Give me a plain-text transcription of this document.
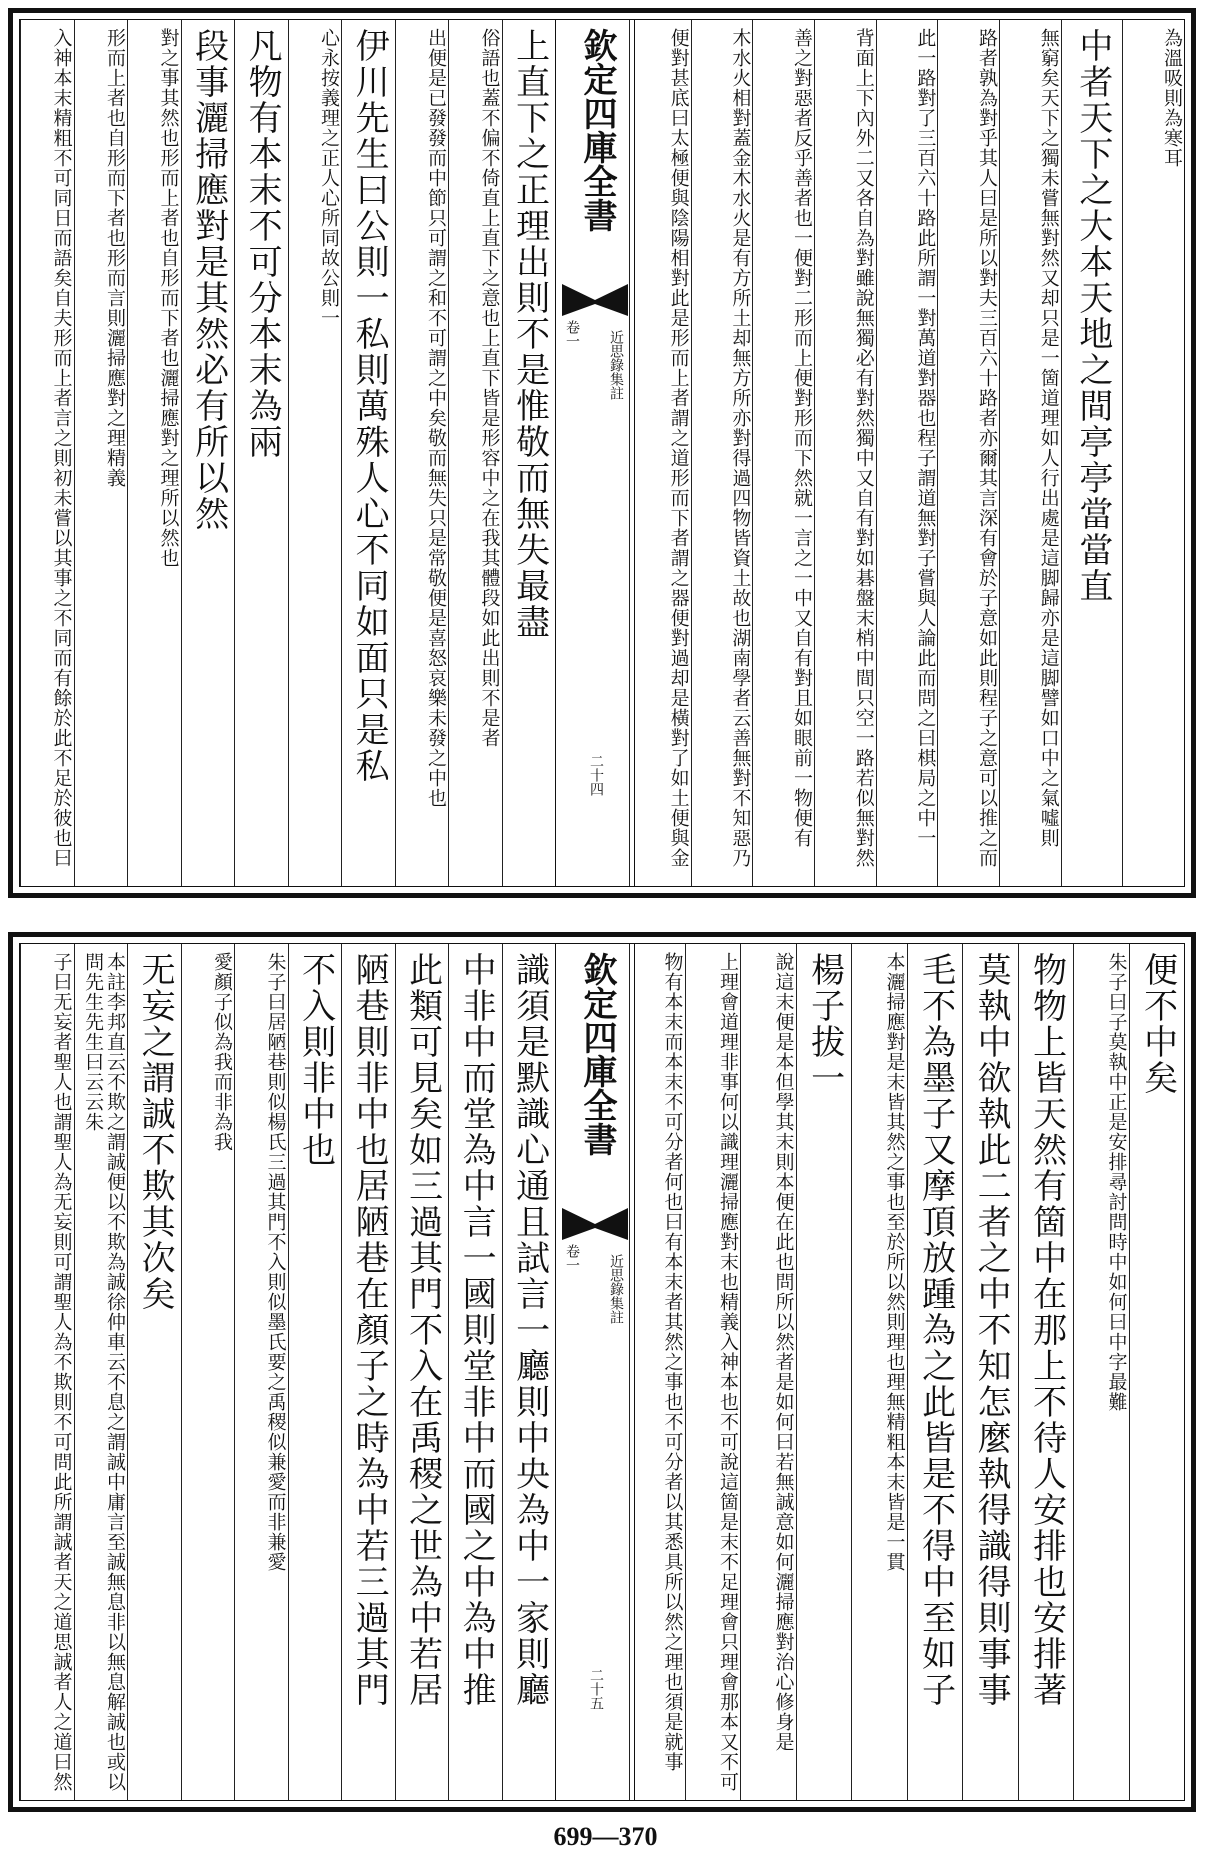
便對甚底曰太極便與陰陽相對此是形而上者謂之道形而下者謂之器便對過却是橫對了如土便與金 木水火相對蓋金木水火是有方所土却無方所亦對得過四物皆資土故也湖南學者云善無對不知惡乃 善之對惡者反乎善者也一便對二形而上便對形而下然就一言之一中又自有對且如眼前一物便有 背面上下內外二又各自為對雖說無獨必有對然獨中又自有對如碁盤末梢中間只空一路若似無對然 此一路對了三百六十路此所謂一對萬道對器也程子謂道無對子嘗與人論此而問之曰棋局之中一 路者孰為對乎其人曰是所以對夫三百六十路者亦爾其言深有會於子意如此則程子之意可以推之而 無窮矣天下之獨未嘗無對然又却只是一箇道理如人行出處是這脚歸亦是這脚譬如口中之氣噓則 中者天下之大本天地之間亭亭當當直	為溫吸則為寒耳
欽定四庫全書
卷一 近思錄集註
二十四
入神本末精粗不可同日而語矣自夫形而上者言之則初未嘗以其事之不同而有餘於此不足於彼也曰 形而上者也自形而下者也形而言則灑掃應對之理精義 對之事其然也形而上者也自形而下者也灑掃應對之理所以然也 段事灑掃應對是其然必有所以然 凡物有本末不可分本末為兩 心永按義理之正人心所同故公則一 伊川先生曰公則一私則萬殊人心不同如面只是私 出便是已發發而中節只可謂之和不可謂之中矣敬而無失只是常敬便是喜怒哀樂未發之中也 俗語也蓋不偏不倚直上直下之意也上直下皆是形容中之在我其體段如此出則不是者 上直下之正理出則不是惟敬而無失最盡
物有本末而本末不可分者何也曰有本末者其然之事也不可分者以其悉具所以然之理也須是就事 上理會道理非事何以識理灑掃應對末也精義入神本也不可說這箇是末不足理會只理會那本又不可 說這末便是本但學其末則本便在此也問所以然者是如何曰若無誠意如何灑掃應對治心修身是 楊子拔一 本灑掃應對是末皆其然之事也至於所以然則理也理無精粗本末皆是一貫 毛不為墨子又摩頂放踵為之此皆是不得中至如子 莫執中欲執此二者之中不知怎麼執得識得則事事 物物上皆天然有箇中在那上不待人安排也安排著 朱子曰子莫執中正是安排尋討問時中如何曰中字最難 便不中矣
欽定四庫全書
卷一 近思錄集註
二十五
子曰无妄者聖人也謂聖人為无妄則可謂聖人為不欺則不可問此所謂誠者天之道思誠者人之道曰然	本註李邦直云不欺之謂誠便以不欺為誠徐仲車云不息之謂誠中庸言至誠無息非以無息解誠也或以問先生先生曰云云朱 无妄之謂誠不欺其次矣 愛顏子似為我而非為我 朱子曰居陋巷則似楊氏三過其門不入則似墨氏要之禹稷似兼愛而非兼愛 不入則非中也 陋巷則非中也居陋巷在顏子之時為中若三過其門 此類可見矣如三過其門不入在禹稷之世為中若居 中非中而堂為中言一國則堂非中而國之中為中推 識須是默識心通且試言一廳則中央為中一家則廳
699—370
